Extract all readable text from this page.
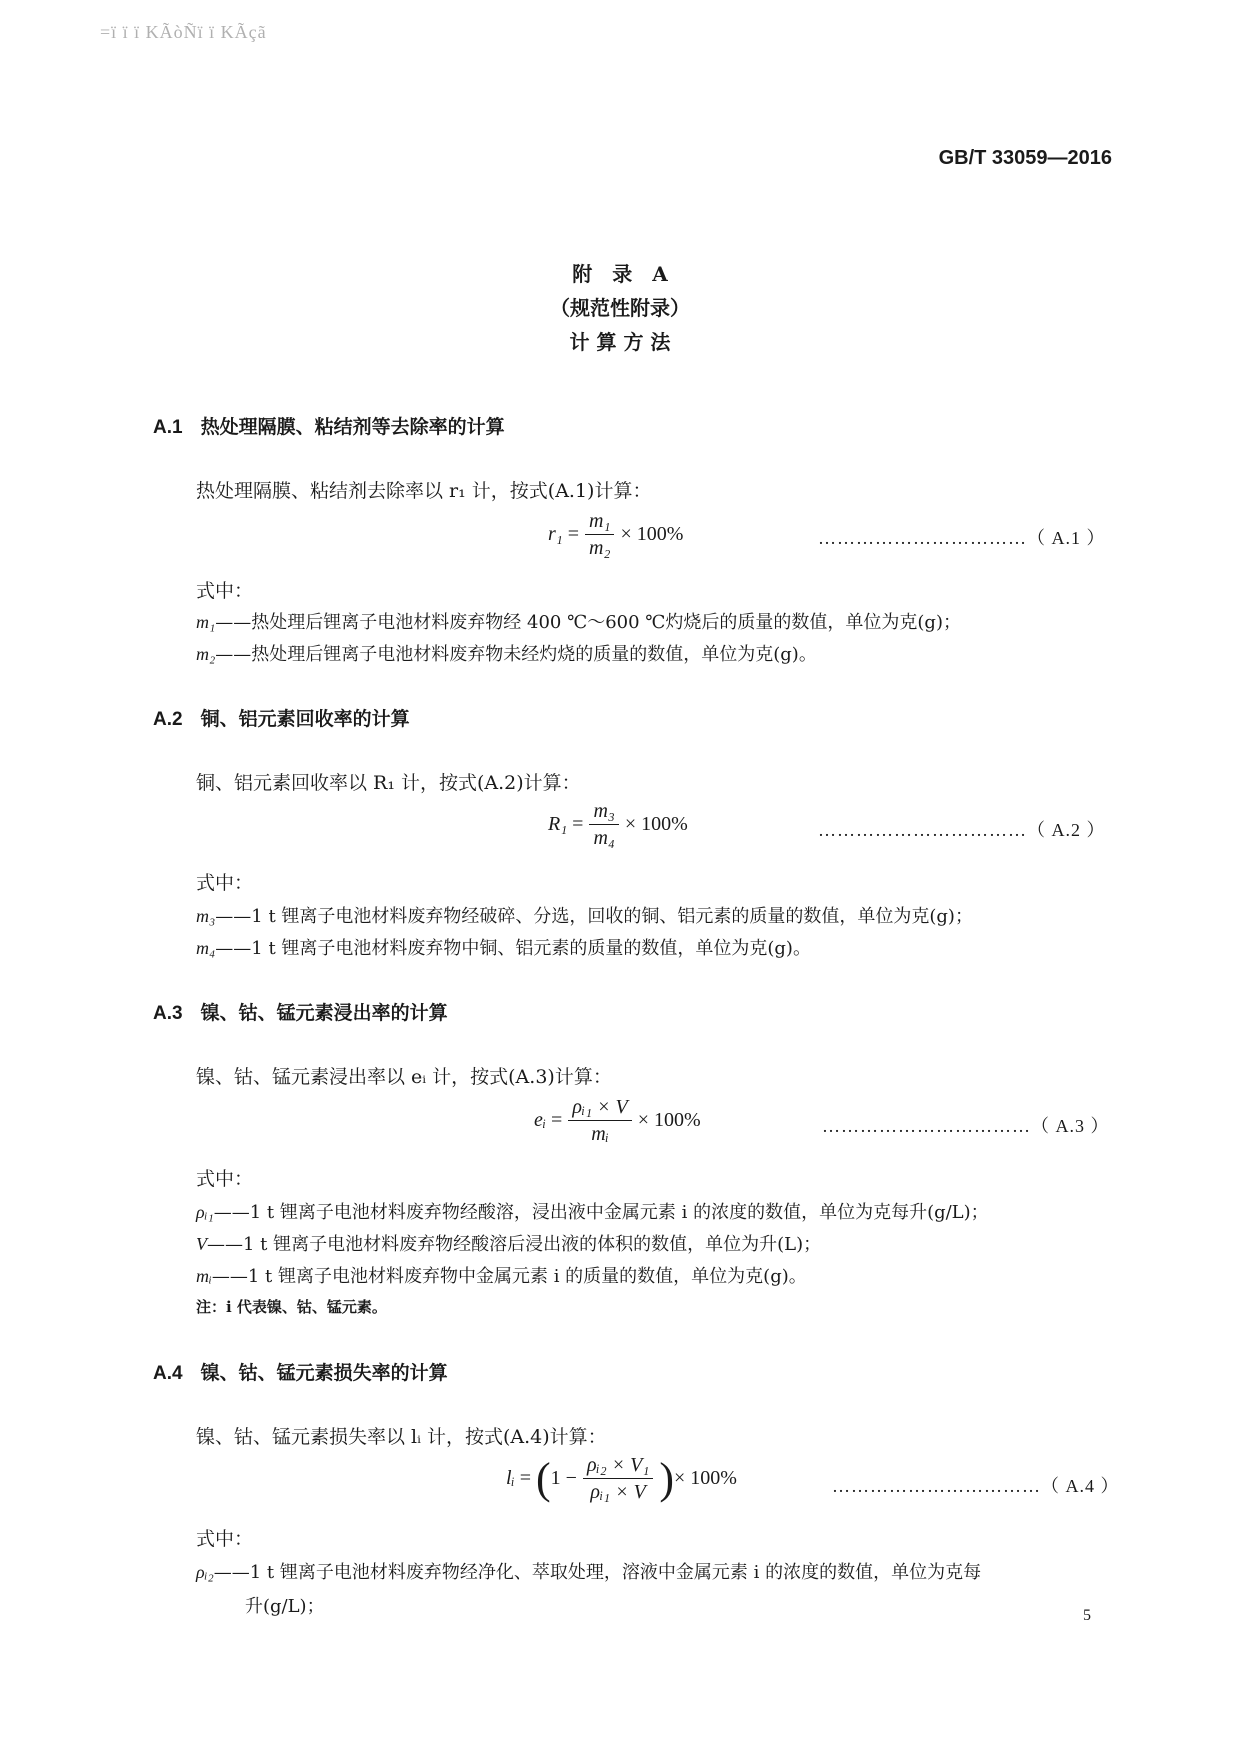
=ï ï ï KÃòÑï ï KÃçã
GB/T 33059—2016
附　录　A
（规范性附录）
计 算 方 法
A.1 热处理隔膜、粘结剂等去除率的计算
热处理隔膜、粘结剂去除率以 r₁ 计，按式(A.1)计算：
$r_1 = \frac{\text{m₁}}{\text{m₂}} \times 100\%$	……………………………（ A.1 ）
式中：
m₁——热处理后锂离子电池材料废弃物经 400 ℃～600 ℃灼烧后的质量的数值，单位为克(g)；
m₂——热处理后锂离子电池材料废弃物未经灼烧的质量的数值，单位为克(g)。
A.2 铜、铝元素回收率的计算
铜、铝元素回收率以 R₁ 计，按式(A.2)计算：
$R_1 = \frac{\text{m₃}}{\text{m₄}} \times 100\%$	……………………………（ A.2 ）
式中：
m₃——1 t 锂离子电池材料废弃物经破碎、分选，回收的铜、铝元素的质量的数值，单位为克(g)；
m₄——1 t 锂离子电池材料废弃物中铜、铝元素的质量的数值，单位为克(g)。
A.3 镍、钴、锰元素浸出率的计算
镍、钴、锰元素浸出率以 eᵢ 计，按式(A.3)计算：
eᵢ = $\frac{\text{ρᵢ₁ × V}}{\text{mᵢ}} \times 100\%$	……………………………（ A.3 ）
式中：
ρᵢ₁——1 t 锂离子电池材料废弃物经酸溶，浸出液中金属元素 i 的浓度的数值，单位为克每升(g/L)；
V——1 t 锂离子电池材料废弃物经酸溶后浸出液的体积的数值，单位为升(L)；
mᵢ——1 t 锂离子电池材料废弃物中金属元素 i 的质量的数值，单位为克(g)。
注：i 代表镍、钴、锰元素。
A.4 镍、钴、锰元素损失率的计算
镍、钴、锰元素损失率以 lᵢ 计，按式(A.4)计算：
lᵢ = ( $1 - \frac{\text{ρᵢ₂ × V₁}}{\text{ρᵢ₁ × V}}$ ) × 100%	……………………………（ A.4 ）
式中：
ρᵢ₂——1 t 锂离子电池材料废弃物经净化、萃取处理，溶液中金属元素 i 的浓度的数值，单位为克每
升(g/L)；	5
